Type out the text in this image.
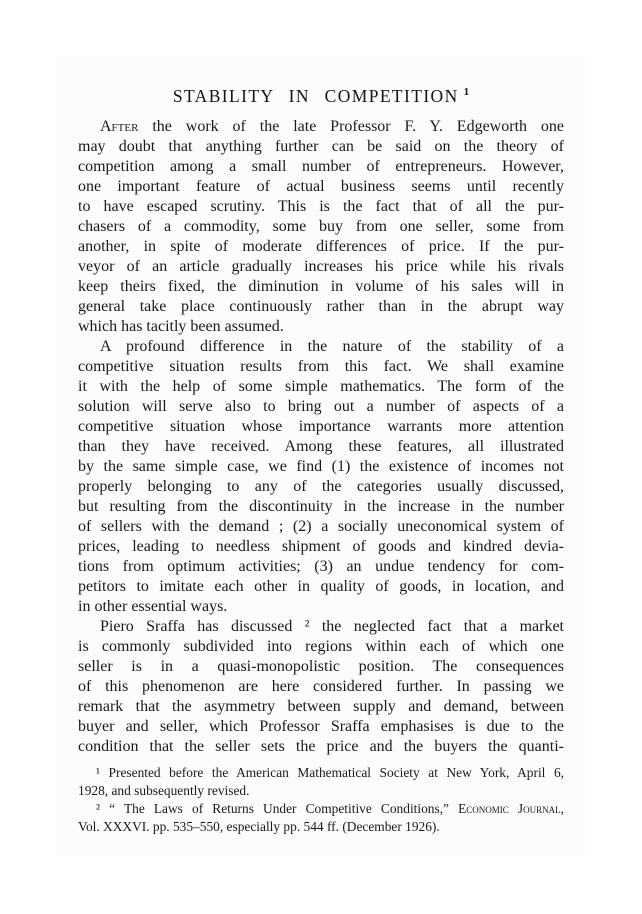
STABILITY IN COMPETITION $^1$
After the work of the late Professor F. Y. Edgeworth one
may doubt that anything further can be said on the theory of
competition among a small number of entrepreneurs. However,
one important feature of actual business seems until recently
to have escaped scrutiny. This is the fact that of all the pur-
chasers of a commodity, some buy from one seller, some from
another, in spite of moderate differences of price. If the pur-
veyor of an article gradually increases his price while his rivals
keep theirs fixed, the diminution in volume of his sales will in
general take place continuously rather than in the abrupt way
which has tacitly been assumed.
A profound difference in the nature of the stability of a
competitive situation results from this fact. We shall examine
it with the help of some simple mathematics. The form of the
solution will serve also to bring out a number of aspects of a
competitive situation whose importance warrants more attention
than they have received. Among these features, all illustrated
by the same simple case, we find (1) the existence of incomes not
properly belonging to any of the categories usually discussed,
but resulting from the discontinuity in the increase in the number
of sellers with the demand ; (2) a socially uneconomical system of
prices, leading to needless shipment of goods and kindred devia-
tions from optimum activities; (3) an undue tendency for com-
petitors to imitate each other in quality of goods, in location, and
in other essential ways.
Piero Sraffa has discussed ² the neglected fact that a market
is commonly subdivided into regions within each of which one
seller is in a quasi-monopolistic position. The consequences
of this phenomenon are here considered further. In passing we
remark that the asymmetry between supply and demand, between
buyer and seller, which Professor Sraffa emphasises is due to the
condition that the seller sets the price and the buyers the quanti-
¹ Presented before the American Mathematical Society at New York, April 6,
1928, and subsequently revised.
² “ The Laws of Returns Under Competitive Conditions,” Economic Journal,
Vol. XXXVI. pp. 535–550, especially pp. 544 ff. (December 1926).
